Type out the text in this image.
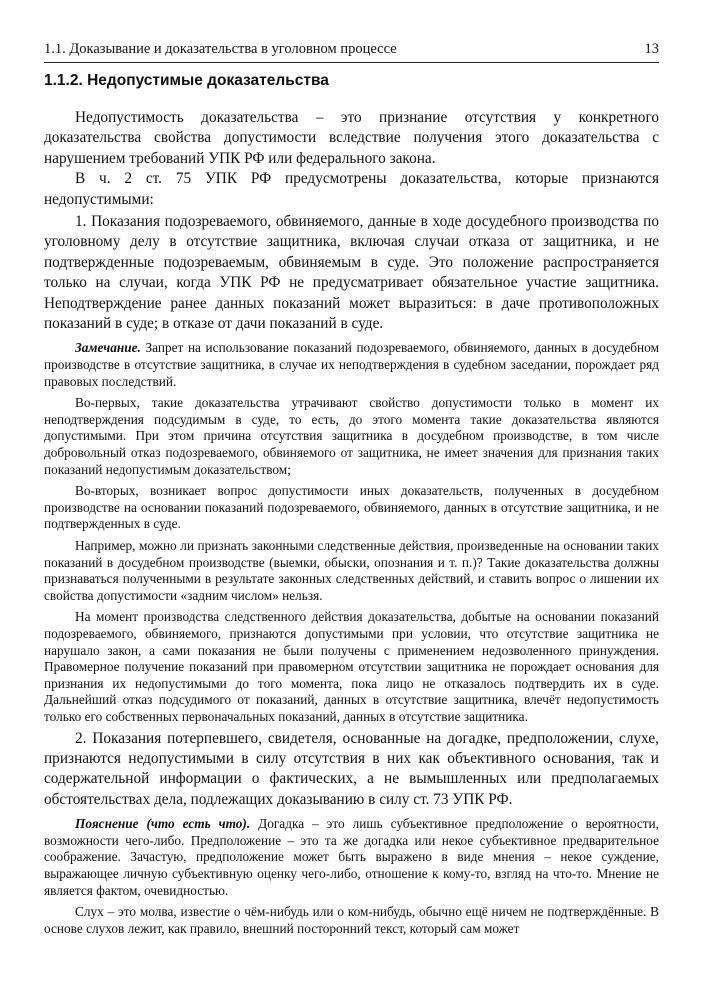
1.1. Доказывание и доказательства в уголовном процессе	13
1.1.2. Недопустимые доказательства

Недопустимость доказательства – это признание отсутствия у конкретного доказательства свойства допустимости вследствие получения этого доказательства с нарушением требований УПК РФ или федерального закона.

В ч. 2 ст. 75 УПК РФ предусмотрены доказательства, которые признаются недопустимыми:

1. Показания подозреваемого, обвиняемого, данные в ходе досудебного производства по уголовному делу в отсутствие защитника, включая случаи отказа от защитника, и не подтвержденные подозреваемым, обвиняемым в суде. Это положение распространяется только на случаи, когда УПК РФ не предусматривает обязательное участие защитника. Неподтверждение ранее данных показаний может выразиться: в даче противоположных показаний в суде; в отказе от дачи показаний в суде.

Замечание. Запрет на использование показаний подозреваемого, обвиняемого, данных в досудебном производстве в отсутствие защитника, в случае их неподтверждения в судебном заседании, порождает ряд правовых последствий.

Во-первых, такие доказательства утрачивают свойство допустимости только в момент их неподтверждения подсудимым в суде, то есть, до этого момента такие доказательства являются допустимыми. При этом причина отсутствия защитника в досудебном производстве, в том числе добровольный отказ подозреваемого, обвиняемого от защитника, не имеет значения для признания таких показаний недопустимым доказательством;

Во-вторых, возникает вопрос допустимости иных доказательств, полученных в досудебном производстве на основании показаний подозреваемого, обвиняемого, данных в отсутствие защитника, и не подтвержденных в суде.

Например, можно ли признать законными следственные действия, произведенные на основании таких показаний в досудебном производстве (выемки, обыски, опознания и т. п.)? Такие доказательства должны признаваться полученными в результате законных следственных действий, и ставить вопрос о лишении их свойства допустимости «задним числом» нельзя.

На момент производства следственного действия доказательства, добытые на основании показаний подозреваемого, обвиняемого, признаются допустимыми при условии, что отсутствие защитника не нарушало закон, а сами показания не были получены с применением недозволенного принуждения. Правомерное получение показаний при правомерном отсутствии защитника не порождает основания для признания их недопустимыми до того момента, пока лицо не отказалось подтвердить их в суде. Дальнейший отказ подсудимого от показаний, данных в отсутствие защитника, влечёт недопустимость только его собственных первоначальных показаний, данных в отсутствие защитника.

2. Показания потерпевшего, свидетеля, основанные на догадке, предположении, слухе, признаются недопустимыми в силу отсутствия в них как объективного основания, так и содержательной информации о фактических, а не вымышленных или предполагаемых обстоятельствах дела, подлежащих доказыванию в силу ст. 73 УПК РФ.

Пояснение (что есть что). Догадка – это лишь субъективное предположение о вероятности, возможности чего-либо. Предположение – это та же догадка или некое субъективное предварительное соображение. Зачастую, предположение может быть выражено в виде мнения – некое суждение, выражающее личную субъективную оценку чего-либо, отношение к кому-то, взгляд на что-то. Мнение не является фактом, очевидностью.

Слух – это молва, известие о чём-нибудь или о ком-нибудь, обычно ещё ничем не подтверждённые. В основе слухов лежит, как правило, внешний посторонний текст, который сам может
